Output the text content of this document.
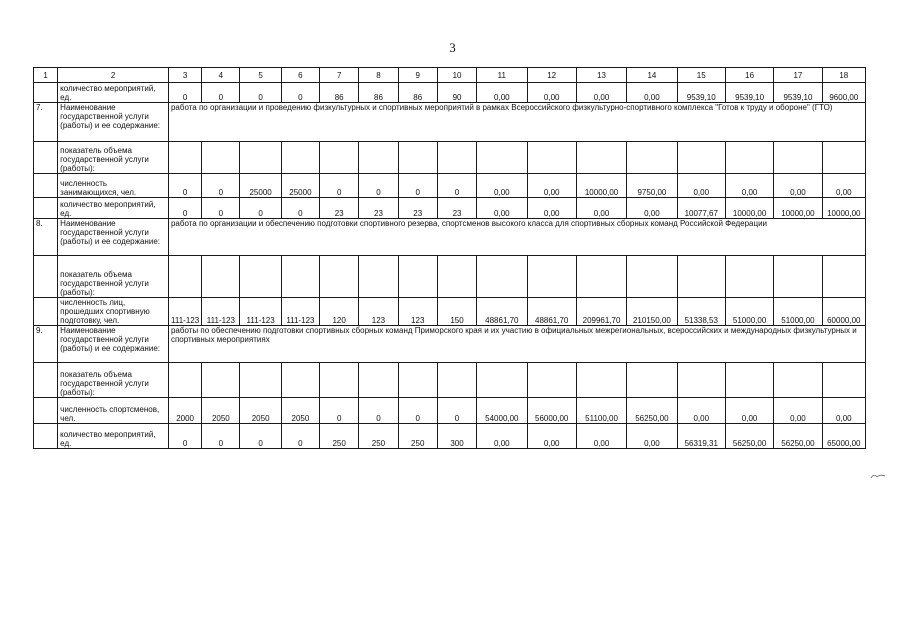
3
1	2	3	4	5	6	7	8	9	10	11	12	13	14	15	16	17	18
	количество мероприятий, ед.	0	0	0	0	86	86	86	90	0,00	0,00	0,00	0,00	9539,10	9539,10	9539,10	9600,00
7.	Наименование государственной услуги (работы) и ее содержание:	работа по организации и проведению физкультурных и спортивных мероприятий в рамках Всероссийского физкультурно-спортивного комплекса "Готов к труду и обороне" (ГТО)															
	показатель объема государственной услуги (работы):																
	численность занимающихся, чел.	0	0	25000	25000	0	0	0	0	0,00	0,00	10000,00	9750,00	0,00	0,00	0,00	0,00
	количество мероприятий, ед.	0	0	0	0	23	23	23	23	0,00	0,00	0,00	0,00	10077,67	10000,00	10000,00	10000,00
8.	Наименование государственной услуги (работы) и ее содержание:	работа по организации и обеспечению подготовки спортивного резерва, спортсменов высокого класса для спортивных сборных команд Российской Федерации															
	показатель объема государственной услуги (работы):																
	численность лиц, прошедших спортивную подготовку, чел.	111-123	111-123	111-123	111-123	120	123	123	150	48861,70	48861,70	209961,70	210150,00	51338,53	51000,00	51000,00	60000,00
9.	Наименование государственной услуги (работы) и ее содержание:	работы по обеспечению подготовки спортивных сборных команд Приморского края и их участию в официальных межрегиональных, всероссийских и международных физкультурных и спортивных мероприятиях															
	показатель объема государственной услуги (работы):																
	численность спортсменов, чел.	2000	2050	2050	2050	0	0	0	0	54000,00	56000,00	51100,00	56250,00	0,00	0,00	0,00	0,00
	количество мероприятий, ед.	0	0	0	0	250	250	250	300	0,00	0,00	0,00	0,00	56319,31	56250,00	56250,00	65000,00
